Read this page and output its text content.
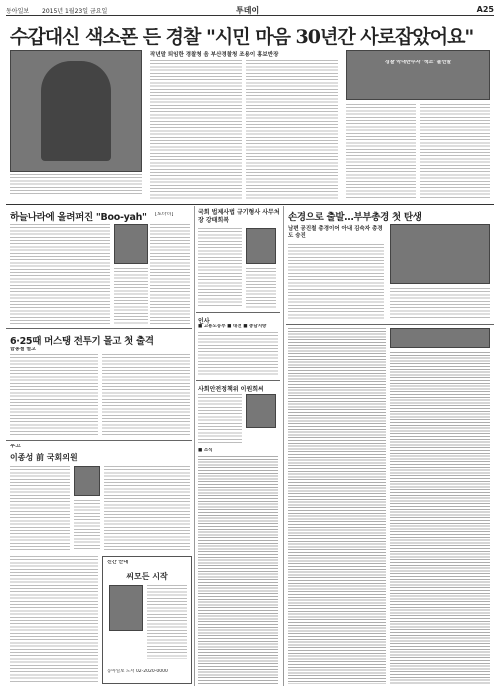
동아일보 2015년 1월23일 금요일	투데이	A25
수갑대신 색소폰 든 경찰 "시민 마음 30년간 사로잡았어요"
작년말 퇴임한 경찰청 음 부산경찰청 조용이 홍보반장
경찰 악대반주자 '색소' 돌연말
하늘나라에 올려퍼진 "Boo-yah"	[로타리]
6·25때 머스탱 전투기 몰고 첫 출격
함동철 별고
부고
이종성 前 국회의원
신간 안내
씨모든 시작
동아일보 도서 02-2020-0000
국회 법제사법 규기형사 사무처장 강태희복
인사
■ 고용노동부 ■ 대전 ■ 충남지방
사회안전정책위 이원희씨
■ 소식
손경으로 출발…부부총경 첫 탄생
남편 공진철 총경이어 아내 김숙자 총경도 승진
